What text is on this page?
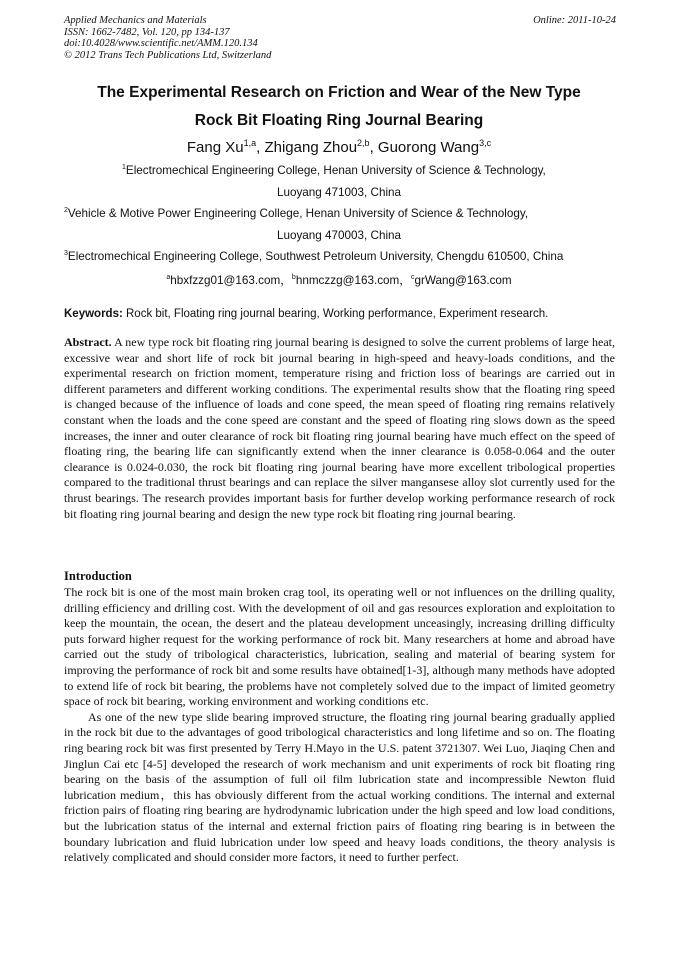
Applied Mechanics and Materials
ISSN: 1662-7482, Vol. 120, pp 134-137
doi:10.4028/www.scientific.net/AMM.120.134
© 2012 Trans Tech Publications Ltd, Switzerland
Online: 2011-10-24
The Experimental Research on Friction and Wear of the New Type
Rock Bit Floating Ring Journal Bearing
Fang Xu$^{1,a}$, Zhigang Zhou$^{2,b}$, Guorong Wang$^{3,c}$
$^1$Electromechical Engineering College, Henan University of Science & Technology,
Luoyang 471003, China
$^2$Vehicle & Motive Power Engineering College, Henan University of Science & Technology,
Luoyang 470003, China
$^3$Electromechical Engineering College, Southwest Petroleum University, Chengdu 610500, China
$^a$hbxfzzg01@163.com，$^b$hnmczzg@163.com，$^c$grWang@163.com
Keywords: Rock bit, Floating ring journal bearing, Working performance, Experiment research.

Abstract. A new type rock bit floating ring journal bearing is designed to solve the current problems of large heat, excessive wear and short life of rock bit journal bearing in high-speed and heavy-loads conditions, and the experimental research on friction moment, temperature rising and friction loss of bearings are carried out in different parameters and different working conditions. The experimental results show that the floating ring speed is changed because of the influence of loads and cone speed, the mean speed of floating ring remains relatively constant when the loads and the cone speed are constant and the speed of floating ring slows down as the speed increases, the inner and outer clearance of rock bit floating ring journal bearing have much effect on the speed of floating ring, the bearing life can significantly extend when the inner clearance is 0.058-0.064 and the outer clearance is 0.024-0.030, the rock bit floating ring journal bearing have more excellent tribological properties compared to the traditional thrust bearings and can replace the silver mangansese alloy slot currently used for the thrust bearings. The research provides important basis for further develop working performance research of rock bit floating ring journal bearing and design the new type rock bit floating ring journal bearing.

Introduction

The rock bit is one of the most main broken crag tool, its operating well or not influences on the drilling quality, drilling efficiency and drilling cost. With the development of oil and gas resources exploration and exploitation to keep the mountain, the ocean, the desert and the plateau development unceasingly, increasing drilling difficulty puts forward higher request for the working performance of rock bit. Many researchers at home and abroad have carried out the study of tribological characteristics, lubrication, sealing and material of bearing system for improving the performance of rock bit and some results have obtained[1-3], although many methods have adopted to extend life of rock bit bearing, the problems have not completely solved due to the impact of limited geometry space of rock bit bearing, working environment and working conditions etc.

As one of the new type slide bearing improved structure, the floating ring journal bearing gradually applied in the rock bit due to the advantages of good tribological characteristics and long lifetime and so on. The floating ring bearing rock bit was first presented by Terry H.Mayo in the U.S. patent 3721307. Wei Luo, Jiaqing Chen and Jinglun Cai etc [4-5] developed the research of work mechanism and unit experiments of rock bit floating ring bearing on the basis of the assumption of full oil film lubrication state and incompressible Newton fluid lubrication medium，this has obviously different from the actual working conditions. The internal and external friction pairs of floating ring bearing are hydrodynamic lubrication under the high speed and low load conditions, but the lubrication status of the internal and external friction pairs of floating ring bearing is in between the boundary lubrication and fluid lubrication under low speed and heavy loads conditions, the theory analysis is relatively complicated and should consider more factors, it need to further perfect.
